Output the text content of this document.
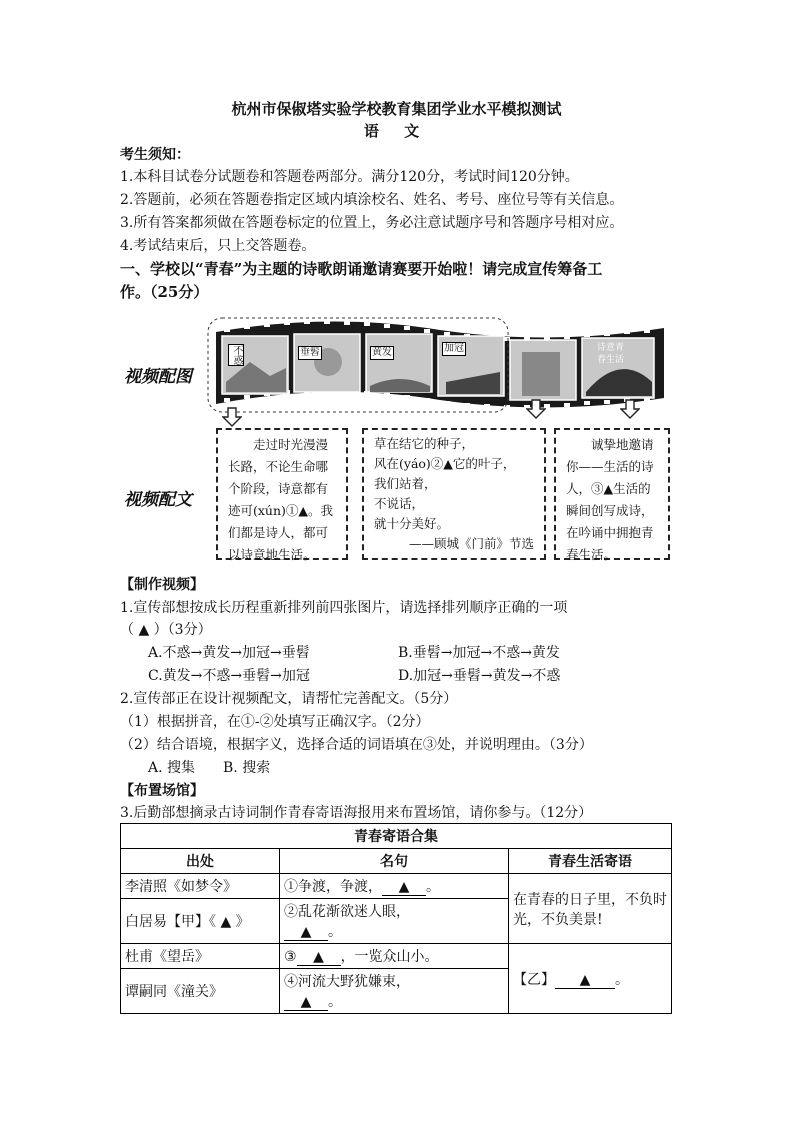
杭州市保俶塔实验学校教育集团学业水平模拟测试
语 文
考生须知：
1.本科目试卷分试题卷和答题卷两部分。满分120分，考试时间120分钟。
2.答题前，必须在答题卷指定区域内填涂校名、姓名、考号、座位号等有关信息。
3.所有答案都须做在答题卷标定的位置上，务必注意试题序号和答题序号相对应。
4.考试结束后，只上交答题卷。
一、学校以“青春”为主题的诗歌朗诵邀请赛要开始啦！请完成宣传筹备工
作。（25分）
视频配图
视频配文
不惑	垂髫	黄发	加冠	诗意青春生活
走过时光漫漫长路，不论生命哪个阶段，诗意都有迹可(xún)①▲。我们都是诗人，都可以诗意地生活。
草在结它的种子，
风在(yáo)②▲它的叶子，
我们站着，
不说话，
就十分美好。
——顾城《门前》节选
诚挚地邀请你——生活的诗人，③▲生活的瞬间创写成诗，在吟诵中拥抱青春生活。
【制作视频】
1.宣传部想按成长历程重新排列前四张图片，请选择排列顺序正确的一项
（ ▲ ）（3分）
A.不惑→黄发→加冠→垂髫	B.垂髫→加冠→不惑→黄发
C.黄发→不惑→垂髫→加冠	D.加冠→垂髫→黄发→不惑
2.宣传部正在设计视频配文，请帮忙完善配文。（5分）
（1）根据拼音，在①-②处填写正确汉字。（2分）
（2）结合语境，根据字义，选择合适的词语填在③处，并说明理由。（3分）
A. 搜集　　B. 搜索
【布置场馆】
3.后勤部想摘录古诗词制作青春寄语海报用来布置场馆，请你参与。（12分）
青春寄语合集		
出处	名句	青春生活寄语
李清照《如梦令》	①争渡，争渡， ▲ 。	在青春的日子里，不负时光，不负美景!
白居易【甲】《 ▲ 》	②乱花渐欲迷人眼，
▲ 。	
杜甫《望岳》	③ ▲ ，一览众山小。	【乙】 ▲ 。
谭嗣同《潼关》	④河流大野犹嫌束，
▲ 。	
